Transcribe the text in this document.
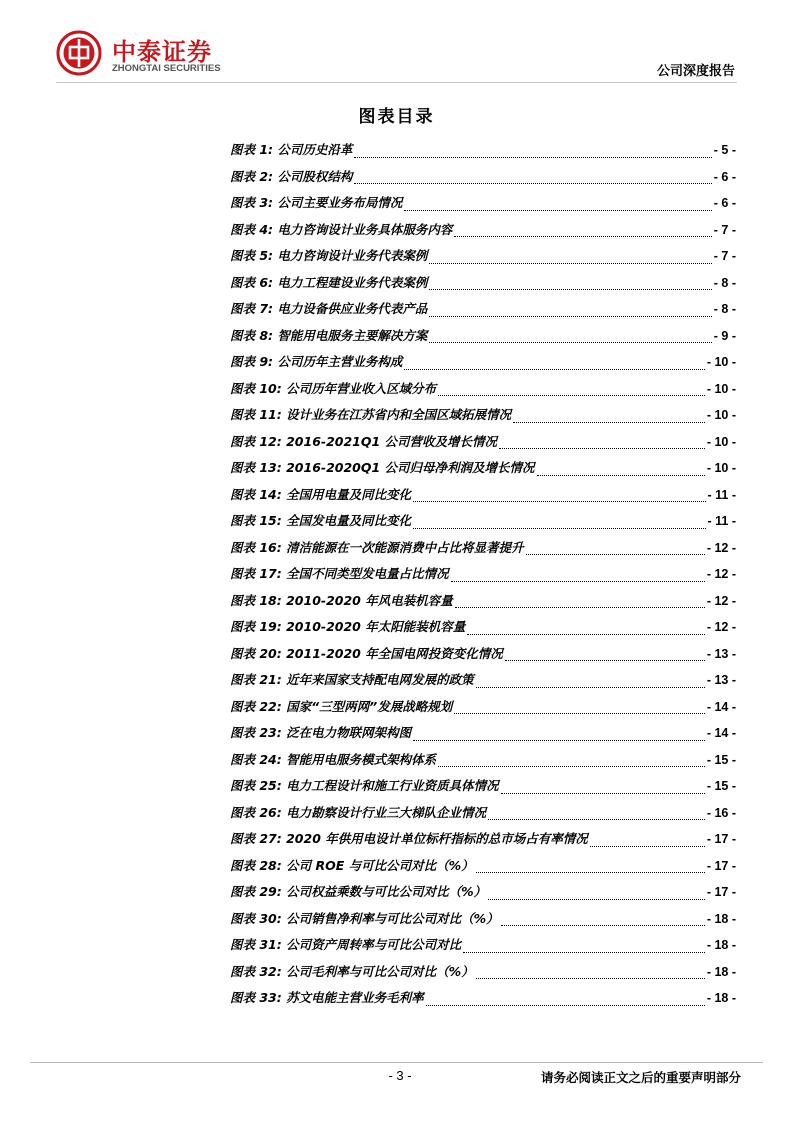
中泰证券
ZHONGTAI SECURITIES	公司深度报告
图表目录
图表 1: 公司历史沿革	- 5 -
图表 2: 公司股权结构	- 6 -
图表 3: 公司主要业务布局情况	- 6 -
图表 4: 电力咨询设计业务具体服务内容	- 7 -
图表 5: 电力咨询设计业务代表案例	- 7 -
图表 6: 电力工程建设业务代表案例	- 8 -
图表 7: 电力设备供应业务代表产品	- 8 -
图表 8: 智能用电服务主要解决方案	- 9 -
图表 9: 公司历年主营业务构成	- 10 -
图表 10: 公司历年营业收入区域分布	- 10 -
图表 11: 设计业务在江苏省内和全国区域拓展情况	- 10 -
图表 12: 2016-2021Q1 公司营收及增长情况	- 10 -
图表 13: 2016-2020Q1 公司归母净利润及增长情况	- 10 -
图表 14: 全国用电量及同比变化	- 11 -
图表 15: 全国发电量及同比变化	- 11 -
图表 16: 清洁能源在一次能源消费中占比将显著提升	- 12 -
图表 17: 全国不同类型发电量占比情况	- 12 -
图表 18: 2010-2020 年风电装机容量	- 12 -
图表 19: 2010-2020 年太阳能装机容量	- 12 -
图表 20: 2011-2020 年全国电网投资变化情况	- 13 -
图表 21: 近年来国家支持配电网发展的政策	- 13 -
图表 22: 国家“三型两网”发展战略规划	- 14 -
图表 23: 泛在电力物联网架构图	- 14 -
图表 24: 智能用电服务模式架构体系	- 15 -
图表 25: 电力工程设计和施工行业资质具体情况	- 15 -
图表 26: 电力勘察设计行业三大梯队企业情况	- 16 -
图表 27: 2020 年供用电设计单位标杆指标的总市场占有率情况	- 17 -
图表 28: 公司 ROE 与可比公司对比（%）	- 17 -
图表 29: 公司权益乘数与可比公司对比（%）	- 17 -
图表 30: 公司销售净利率与可比公司对比（%）	- 18 -
图表 31: 公司资产周转率与可比公司对比	- 18 -
图表 32: 公司毛利率与可比公司对比（%）	- 18 -
图表 33: 苏文电能主营业务毛利率	- 18 -
- 3 -	请务必阅读正文之后的重要声明部分
